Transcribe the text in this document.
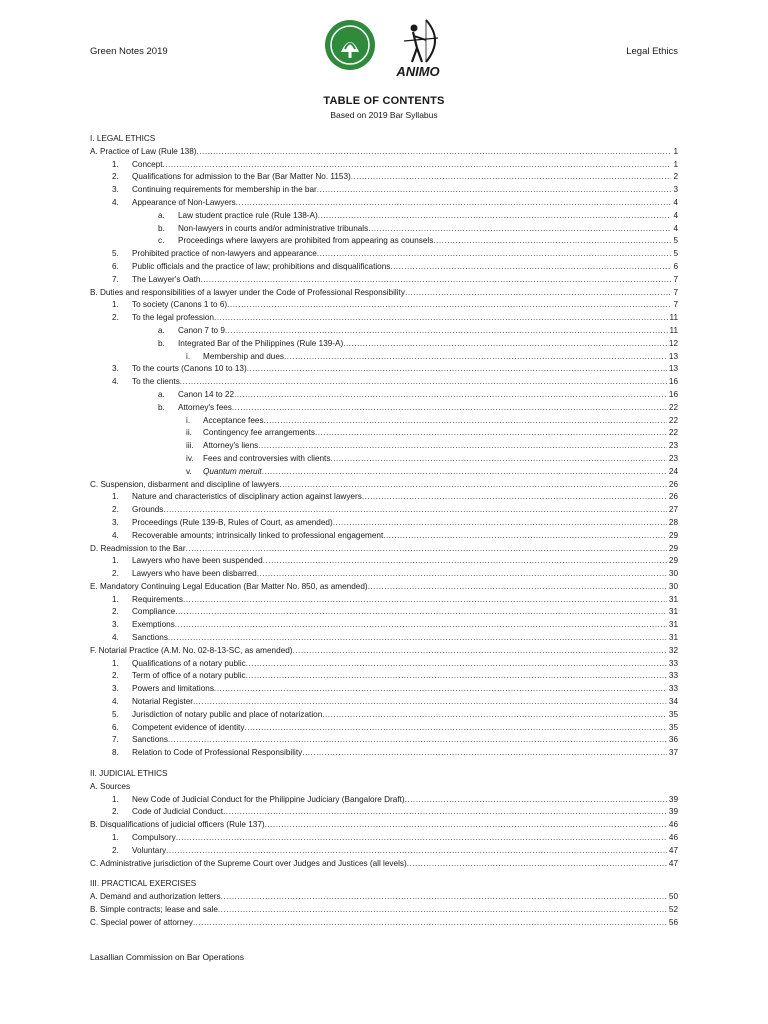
Green Notes 2019	Legal Ethics
ANIMO
TABLE OF CONTENTS
Based on 2019 Bar Syllabus
I. LEGAL ETHICS
A. Practice of Law (Rule 138) .....	1
1.	Concept .....	1
2.	Qualifications for admission to the Bar (Bar Matter No. 1153) .....	2
3.	Continuing requirements for membership in the bar .....	3
4.	Appearance of Non-Lawyers .....	4
a.	Law student practice rule (Rule 138-A) .....	4
b.	Non-lawyers in courts and/or administrative tribunals .....	4
c.	Proceedings where lawyers are prohibited from appearing as counsels .....	5
5.	Prohibited practice of non-lawyers and appearance .....	5
6.	Public officials and the practice of law; prohibitions and disqualifications .....	6
7.	The Lawyer's Oath .....	7
B. Duties and responsibilities of a lawyer under the Code of Professional Responsibility .....	7
1.	To society (Canons 1 to 6) .....	7
2.	To the legal profession .....	11
a.	Canon 7 to 9 .....	11
b.	Integrated Bar of the Philippines (Rule 139-A) .....	12
i.	Membership and dues .....	13
3.	To the courts (Canons 10 to 13) .....	13
4.	To the clients .....	16
a.	Canon 14 to 22 .....	16
b.	Attorney's fees .....	22
i.	Acceptance fees .....	22
ii.	Contingency fee arrangements .....	22
iii.	Attorney's liens .....	23
iv.	Fees and controversies with clients .....	23
v.	Quantum meruit .....	24
C. Suspension, disbarment and discipline of lawyers .....	26
1.	Nature and characteristics of disciplinary action against lawyers .....	26
2.	Grounds .....	27
3.	Proceedings (Rule 139-B, Rules of Court, as amended) .....	28
4.	Recoverable amounts; intrinsically linked to professional engagement .....	29
D. Readmission to the Bar .....	29
1.	Lawyers who have been suspended .....	29
2.	Lawyers who have been disbarred .....	30
E. Mandatory Continuing Legal Education (Bar Matter No. 850, as amended) .....	30
1.	Requirements .....	31
2.	Compliance .....	31
3.	Exemptions .....	31
4.	Sanctions .....	31
F. Notarial Practice (A.M. No. 02-8-13-SC, as amended) .....	32
1.	Qualifications of a notary public .....	33
2.	Term of office of a notary public .....	33
3.	Powers and limitations .....	33
4.	Notarial Register .....	34
5.	Jurisdiction of notary public and place of notarization .....	35
6.	Competent evidence of identity .....	35
7.	Sanctions .....	36
8.	Relation to Code of Professional Responsibility .....	37
II. JUDICIAL ETHICS
A. Sources
1.	New Code of Judicial Conduct for the Philippine Judiciary (Bangalore Draft) .....	39
2.	Code of Judicial Conduct .....	39
B. Disqualifications of judicial officers (Rule 137) .....	46
1.	Compulsory .....	46
2.	Voluntary .....	47
C. Administrative jurisdiction of the Supreme Court over Judges and Justices (all levels) .....	47
III. PRACTICAL EXERCISES
A. Demand and authorization letters .....	50
B. Simple contracts; lease and sale .....	52
C. Special power of attorney .....	56
Lasallian Commission on Bar Operations
